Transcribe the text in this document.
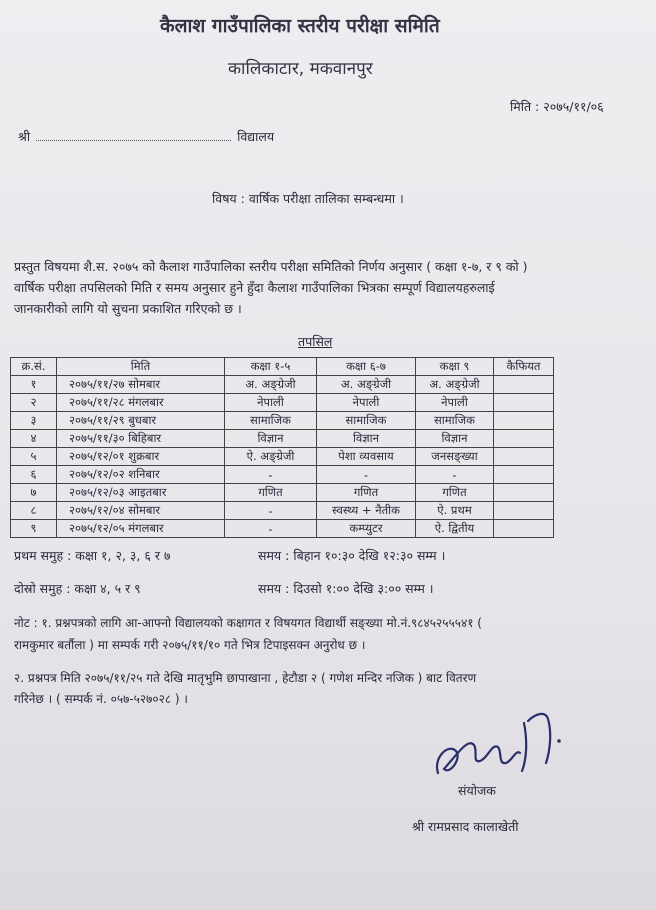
कैलाश गाउँपालिका स्तरीय परीक्षा समिति
कालिकाटार, मकवानपुर
मिति : २०७५/११/०६
श्री	विद्यालय
विषय : वार्षिक परीक्षा तालिका सम्बन्धमा ।
प्रस्तुत विषयमा शै.स. २०७५ को कैलाश गाउँपालिका स्तरीय परीक्षा समितिको निर्णय अनुसार ( कक्षा १-७, र ९ को )
वार्षिक परीक्षा तपसिलको मिति र समय अनुसार हुने हुँदा कैलाश गाउँपालिका भित्रका सम्पूर्ण विद्यालयहरुलाई
जानकारीको लागि यो सुचना प्रकाशित गरिएको छ ।
तपसिल
क्र.सं.	मिति	कक्षा १-५	कक्षा ६-७	कक्षा ९	कैफियत
१	२०७५/११/२७ सोमबार	अ. अङ्ग्रेजी	अ. अङ्ग्रेजी	अ. अङ्ग्रेजी	
२	२०७५/११/२८ मंगलबार	नेपाली	नेपाली	नेपाली	
३	२०७५/११/२९ बुधबार	सामाजिक	सामाजिक	सामाजिक	
४	२०७५/११/३० बिहिबार	विज्ञान	विज्ञान	विज्ञान	
५	२०७५/१२/०१ शुक्रबार	ऐ. अङ्ग्रेजी	पेशा व्यवसाय	जनसङ्ख्या	
६	२०७५/१२/०२ शनिबार	-	-	-	
७	२०७५/१२/०३ आइतबार	गणित	गणित	गणित	
८	२०७५/१२/०४ सोमबार	-	स्वस्थ्य + नैतीक	ऐ. प्रथम	
९	२०७५/१२/०५ मंगलबार	-	कम्प्युटर	ऐ. द्वितीय	
प्रथम समुह : कक्षा १, २, ३, ६ र ७	समय : बिहान १०:३० देखि १२:३० सम्म ।
दोस्रो समुह : कक्षा ४, ५ र ९	समय : दिउसो १:०० देखि ३:०० सम्म ।
नोट : १. प्रश्नपत्रको लागि आ-आफ्नो विद्यालयको कक्षागत र विषयगत विद्यार्थी सङ्ख्या मो.नं.९८४५२५५५४१ (
रामकुमार बर्तौला ) मा सम्पर्क गरी २०७५/११/१० गते भित्र टिपाइसक्न अनुरोध छ ।
२. प्रश्नपत्र मिति २०७५/११/२५ गते देखि मातृभुमि छापाखाना , हेटौडा २ ( गणेश मन्दिर नजिक ) बाट वितरण
गरिनेछ । ( सम्पर्क नं. ०५७-५२७०२८ ) ।
संयोजक
श्री रामप्रसाद कालाखेती
